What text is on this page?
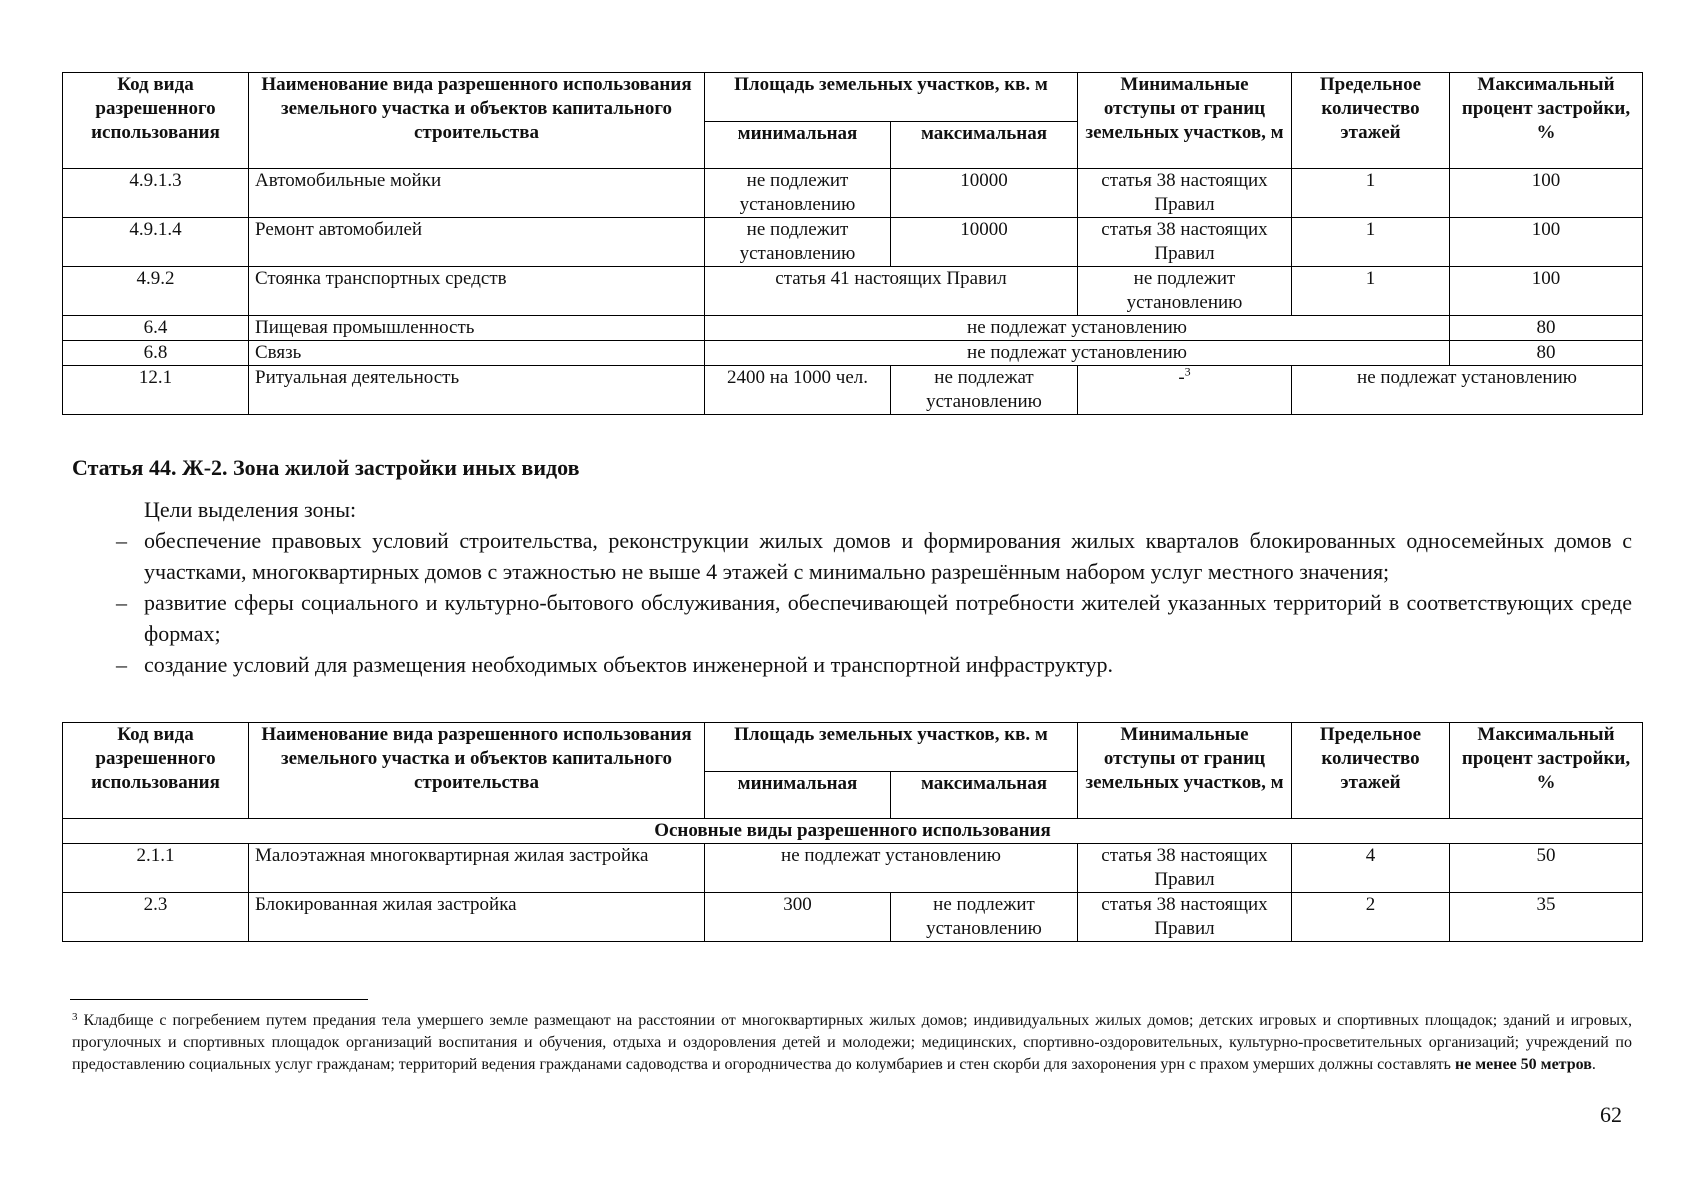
Код вида разрешенного использования	Наименование вида разрешенного использования земельного участка и объектов капитального строительства	Площадь земельных участков, кв. м		Минимальные отступы от границ земельных участков, м	Предельное количество этажей	Максимальный процент застройки, %
		минимальная	максимальная			
4.9.1.3	Автомобильные мойки	не подлежит установлению	10000	статья 38 настоящих Правил	1	100
4.9.1.4	Ремонт автомобилей	не подлежит установлению	10000	статья 38 настоящих Правил	1	100
4.9.2	Стоянка транспортных средств	статья 41 настоящих Правил		не подлежит установлению	1	100
6.4	Пищевая промышленность	не подлежат установлению				80
6.8	Связь	не подлежат установлению				80
12.1	Ритуальная деятельность	2400 на 1000 чел.	не подлежат установлению	-$^3$	не подлежат установлению	
Статья 44. Ж-2. Зона жилой застройки иных видов
Цели выделения зоны:
– обеспечение правовых условий строительства, реконструкции жилых домов и формирования жилых кварталов блокированных односемейных домов с участками, многоквартирных домов с этажностью не выше 4 этажей с минимально разрешённым набором услуг местного значения;
– развитие сферы социального и культурно-бытового обслуживания, обеспечивающей потребности жителей указанных территорий в соответствующих среде формах;
– создание условий для размещения необходимых объектов инженерной и транспортной инфраструктур.
Код вида разрешенного использования	Наименование вида разрешенного использования земельного участка и объектов капитального строительства	Площадь земельных участков, кв. м		Минимальные отступы от границ земельных участков, м	Предельное количество этажей	Максимальный процент застройки, %
		минимальная	максимальная			
Основные виды разрешенного использования						
2.1.1	Малоэтажная многоквартирная жилая застройка	не подлежат установлению		статья 38 настоящих Правил	4	50
2.3	Блокированная жилая застройка	300	не подлежит установлению	статья 38 настоящих Правил	2	35
$^3$ Кладбище с погребением путем предания тела умершего земле размещают на расстоянии от многоквартирных жилых домов; индивидуальных жилых домов; детских игровых и спортивных площадок; зданий и игровых, прогулочных и спортивных площадок организаций воспитания и обучения, отдыха и оздоровления детей и молодежи; медицинских, спортивно-оздоровительных, культурно-просветительных организаций; учреждений по предоставлению социальных услуг гражданам; территорий ведения гражданами садоводства и огородничества до колумбариев и стен скорби для захоронения урн с прахом умерших должны составлять не менее 50 метров.
62
